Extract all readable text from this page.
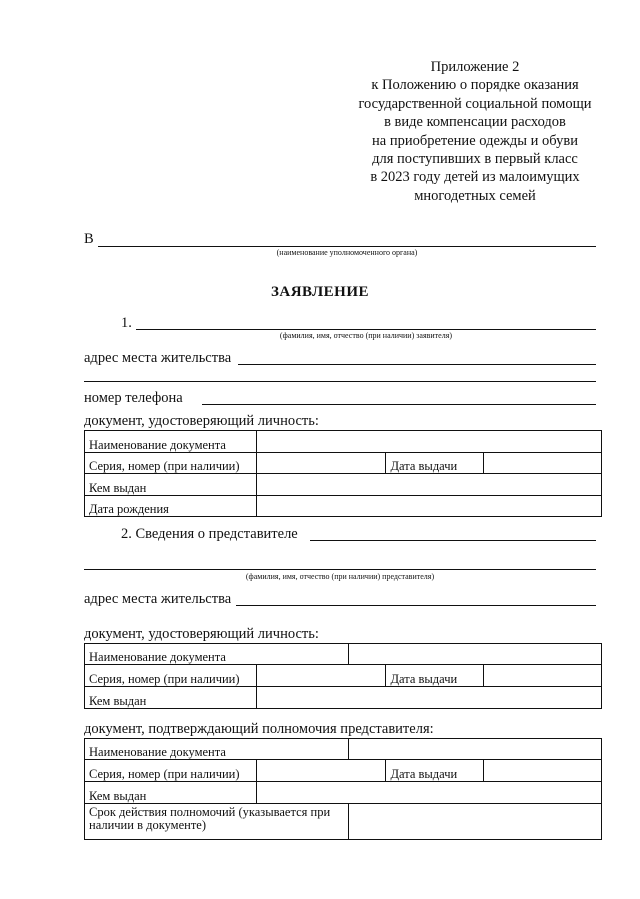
Приложение 2
к Положению о порядке оказания
государственной социальной помощи
в виде компенсации расходов
на приобретение одежды и обуви
для поступивших в первый класс
в 2023 году детей из малоимущих
многодетных семей
В
(наименование уполномоченного органа)
ЗАЯВЛЕНИЕ
1.
(фамилия, имя, отчество (при наличии) заявителя)
адрес места жительства
номер телефона
документ, удостоверяющий личность:
Наименование документа			
Серия, номер (при наличии)		Дата выдачи	
Кем выдан			
Дата рождения			
2. Сведения о представителе
(фамилия, имя, отчество (при наличии) представителя)
адрес места жительства
документ, удостоверяющий личность:
Наименование документа				
Серия, номер (при наличии)			Дата выдачи	
Кем выдан				
документ, подтверждающий полномочия представителя:
Наименование документа				
Серия, номер (при наличии)			Дата выдачи	
Кем выдан				
Срок действия полномочий (указывается при наличии в документе)				
